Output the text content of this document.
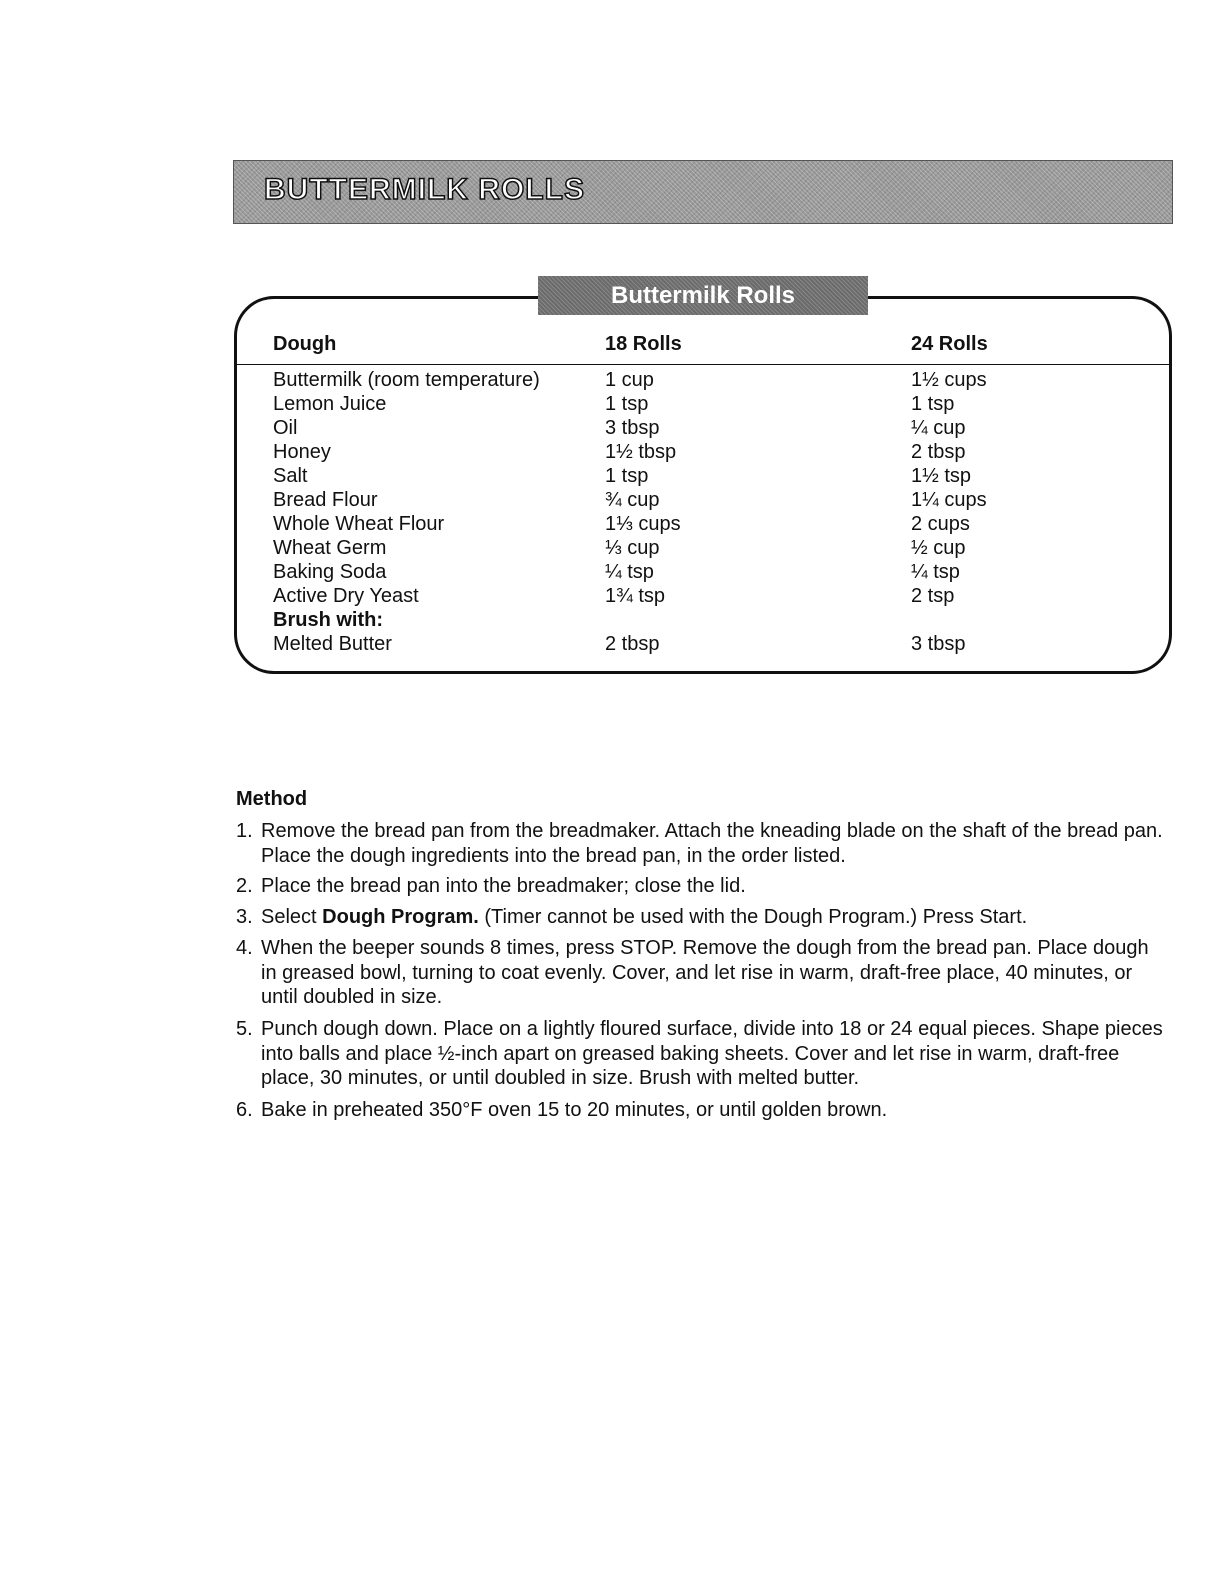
BUTTERMILK ROLLS
Buttermilk Rolls
Dough	18 Rolls	24 Rolls
Buttermilk (room temperature)
Lemon Juice
Oil
Honey
Salt
Bread Flour
Whole Wheat Flour
Wheat Germ
Baking Soda
Active Dry Yeast
Brush with:
Melted Butter
1 cup
1 tsp
3 tbsp
1½ tbsp
1 tsp
¾ cup
1⅓ cups
⅓ cup
¼ tsp
1¾ tsp
2 tbsp
1½ cups
1 tsp
¼ cup
2 tbsp
1½ tsp
1¼ cups
2 cups
½ cup
¼ tsp
2 tsp
3 tbsp
Method
1. Remove the bread pan from the breadmaker. Attach the kneading blade on the shaft of the bread pan. Place the dough ingredients into the bread pan, in the order listed.
2. Place the bread pan into the breadmaker; close the lid.
3. Select Dough Program. (Timer cannot be used with the Dough Program.) Press Start.
4. When the beeper sounds 8 times, press STOP. Remove the dough from the bread pan. Place dough in greased bowl, turning to coat evenly. Cover, and let rise in warm, draft-free place, 40 minutes, or until doubled in size.
5. Punch dough down. Place on a lightly floured surface, divide into 18 or 24 equal pieces. Shape pieces into balls and place ½-inch apart on greased baking sheets. Cover and let rise in warm, draft-free place, 30 minutes, or until doubled in size. Brush with melted butter.
6. Bake in preheated 350°F oven 15 to 20 minutes, or until golden brown.
